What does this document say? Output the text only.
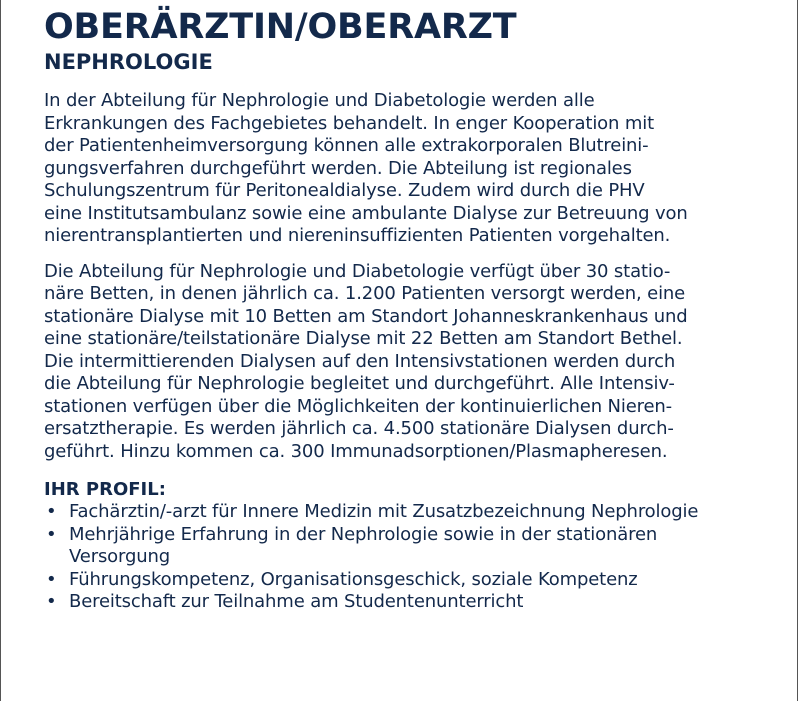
OBERÄRZTIN/OBERARZT
NEPHROLOGIE
In der Abteilung für Nephrologie und Diabetologie werden alle
Erkrankungen des Fachgebietes behandelt. In enger Kooperation mit
der Patientenheimversorgung können alle extrakorporalen Blutreini-
gungsverfahren durchgeführt werden. Die Abteilung ist regionales
Schulungszentrum für Peritonealdialyse. Zudem wird durch die PHV
eine Institutsambulanz sowie eine ambulante Dialyse zur Betreuung von
nierentransplantierten und niereninsuffizienten Patienten vorgehalten.
Die Abteilung für Nephrologie und Diabetologie verfügt über 30 statio-
näre Betten, in denen jährlich ca. 1.200 Patienten versorgt werden, eine
stationäre Dialyse mit 10 Betten am Standort Johanneskrankenhaus und
eine stationäre/teilstationäre Dialyse mit 22 Betten am Standort Bethel.
Die intermittierenden Dialysen auf den Intensivstationen werden durch
die Abteilung für Nephrologie begleitet und durchgeführt. Alle Intensiv-
stationen verfügen über die Möglichkeiten der kontinuierlichen Nieren-
ersatztherapie. Es werden jährlich ca. 4.500 stationäre Dialysen durch-
geführt. Hinzu kommen ca. 300 Immunadsorptionen/Plasmapheresen.
IHR PROFIL:
• Fachärztin/-arzt für Innere Medizin mit Zusatzbezeichnung Nephrologie
• Mehrjährige Erfahrung in der Nephrologie sowie in der stationären
Versorgung
• Führungskompetenz, Organisationsgeschick, soziale Kompetenz
• Bereitschaft zur Teilnahme am Studentenunterricht
